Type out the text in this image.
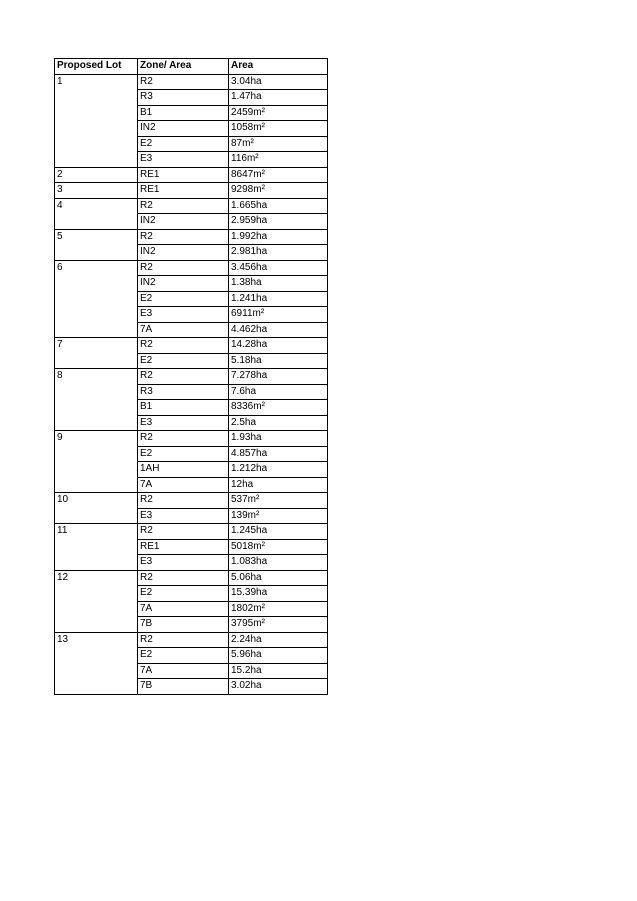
Proposed Lot	Zone/ Area	Area
1	R2	3.04ha
	R3	1.47ha
	B1	2459m²
	IN2	1058m²
	E2	87m²
	E3	116m²
2	RE1	8647m²
3	RE1	9298m²
4	R2	1.665ha
	IN2	2.959ha
5	R2	1.992ha
	IN2	2.981ha
6	R2	3.456ha
	IN2	1.38ha
	E2	1.241ha
	E3	6911m²
	7A	4.462ha
7	R2	14.28ha
	E2	5.18ha
8	R2	7.278ha
	R3	7.6ha
	B1	8336m²
	E3	2.5ha
9	R2	1.93ha
	E2	4.857ha
	1AH	1.212ha
	7A	12ha
10	R2	537m²
	E3	139m²
11	R2	1.245ha
	RE1	5018m²
	E3	1.083ha
12	R2	5.06ha
	E2	15.39ha
	7A	1802m²
	7B	3795m²
13	R2	2.24ha
	E2	5.96ha
	7A	15.2ha
	7B	3.02ha
